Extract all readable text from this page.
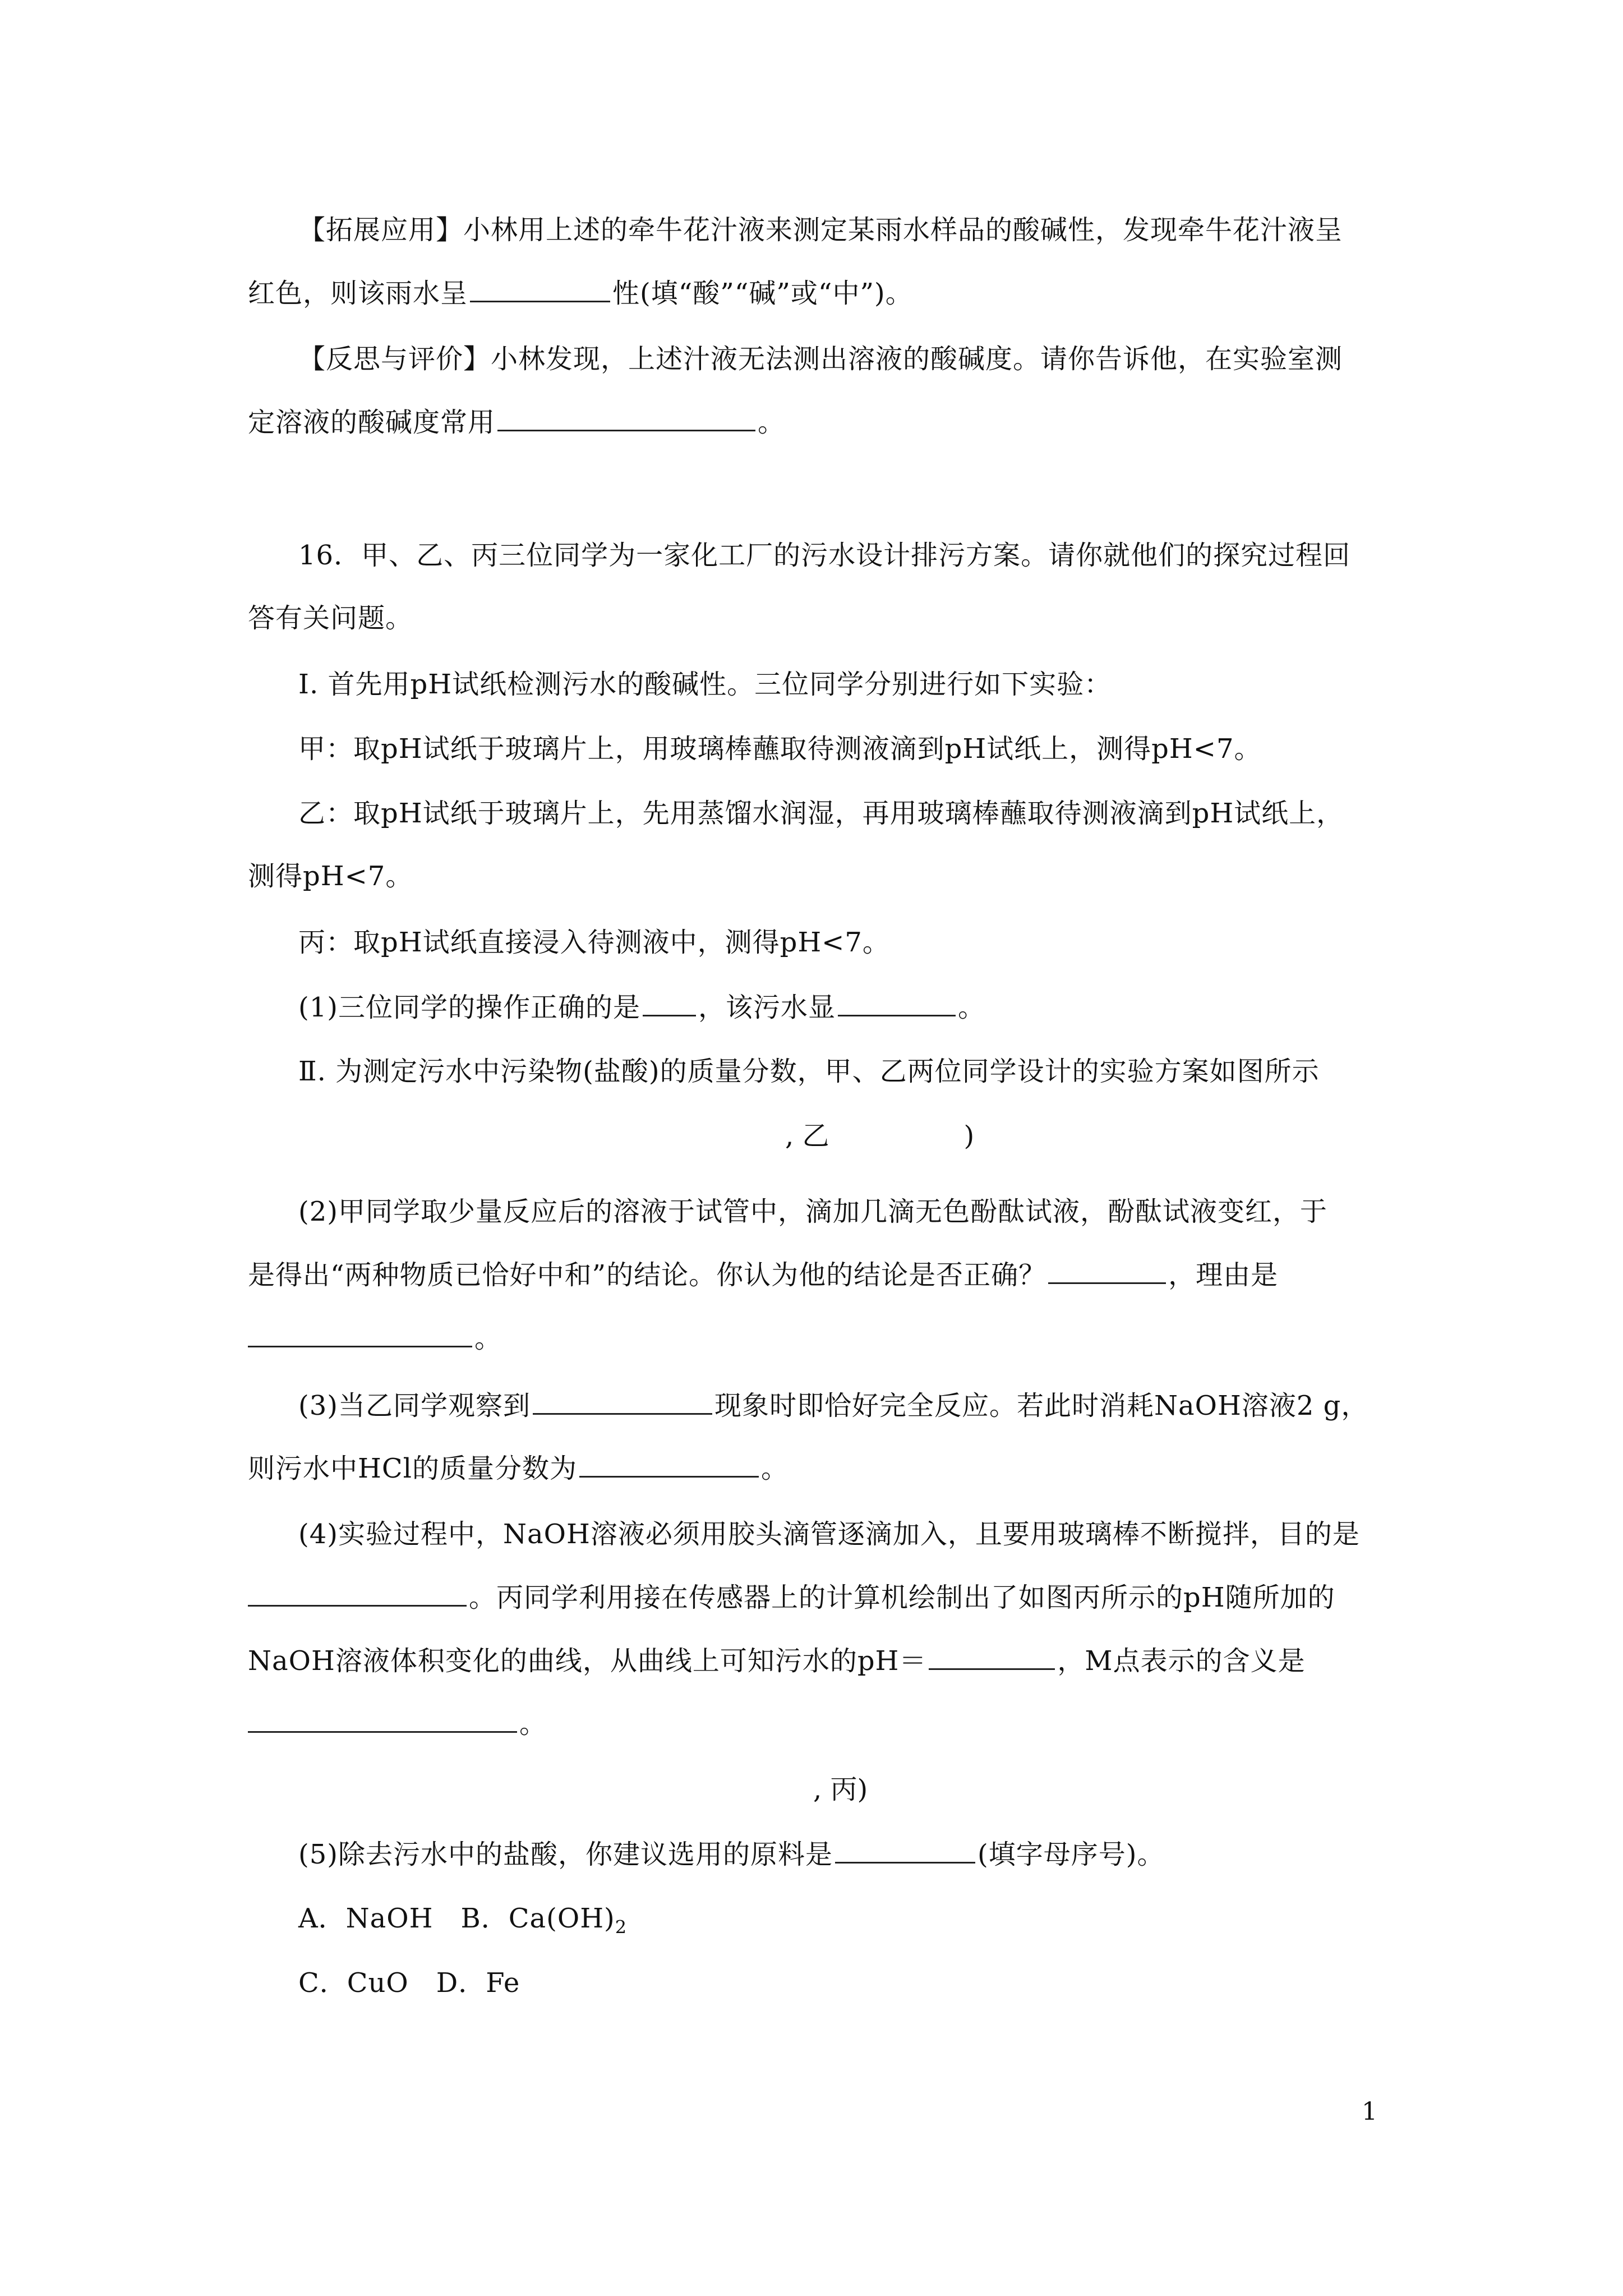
【拓展应用】小林用上述的牵牛花汁液来测定某雨水样品的酸碱性，发现牵牛花汁液呈
红色，则该雨水呈	性(填“酸”“碱”或“中”)。
【反思与评价】小林发现，上述汁液无法测出溶液的酸碱度。请你告诉他，在实验室测
定溶液的酸碱度常用	。
16．甲、乙、丙三位同学为一家化工厂的污水设计排污方案。请你就他们的探究过程回
答有关问题。
Ⅰ. 首先用pH试纸检测污水的酸碱性。三位同学分别进行如下实验：
甲：取pH试纸于玻璃片上，用玻璃棒蘸取待测液滴到pH试纸上，测得pH<7。
乙：取pH试纸于玻璃片上，先用蒸馏水润湿，再用玻璃棒蘸取待测液滴到pH试纸上，
测得pH<7。
丙：取pH试纸直接浸入待测液中，测得pH<7。
(1)三位同学的操作正确的是 ，该污水显	。
Ⅱ. 为测定污水中污染物(盐酸)的质量分数，甲、乙两位同学设计的实验方案如图所示
, 乙　　　　　)
(2)甲同学取少量反应后的溶液于试管中，滴加几滴无色酚酞试液，酚酞试液变红，于
是得出“两种物质已恰好中和”的结论。你认为他的结论是否正确？	，理由是
。
(3)当乙同学观察到	现象时即恰好完全反应。若此时消耗NaOH溶液2 g，
则污水中HCl的质量分数为	。
(4)实验过程中，NaOH溶液必须用胶头滴管逐滴加入，且要用玻璃棒不断搅拌，目的是
。丙同学利用接在传感器上的计算机绘制出了如图丙所示的pH随所加的
NaOH溶液体积变化的曲线，从曲线上可知污水的pH＝	，M点表示的含义是
。
, 丙)
(5)除去污水中的盐酸，你建议选用的原料是	(填字母序号)。
A．NaOH　B．$Ca(OH)_2$
C．CuO　D．Fe
1
